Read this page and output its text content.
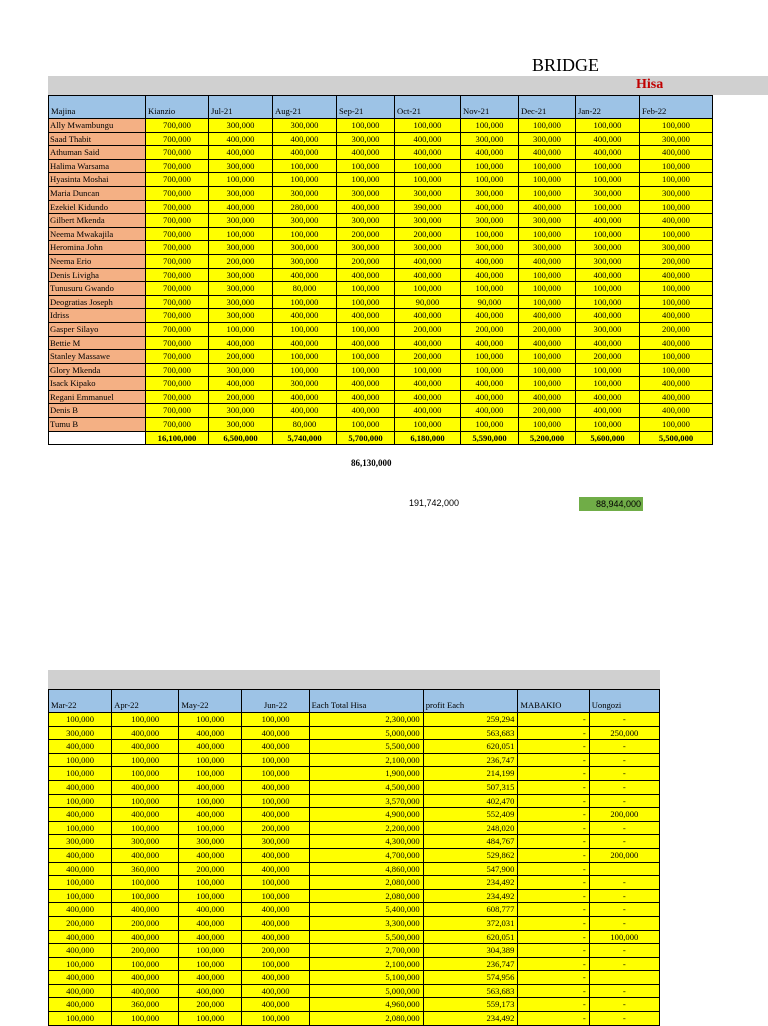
BRIDGE
Hisa
Majina	Kianzio	Jul-21	Aug-21	Sep-21	Oct-21	Nov-21	Dec-21	Jan-22	Feb-22
Ally Mwambungu	700,000	300,000	300,000	100,000	100,000	100,000	100,000	100,000	100,000
Saad Thabit	700,000	400,000	400,000	300,000	400,000	300,000	300,000	400,000	300,000
Athuman Said	700,000	400,000	400,000	400,000	400,000	400,000	400,000	400,000	400,000
Halima Warsama	700,000	300,000	100,000	100,000	100,000	100,000	100,000	100,000	100,000
Hyasinta Moshai	700,000	100,000	100,000	100,000	100,000	100,000	100,000	100,000	100,000
Maria Duncan	700,000	300,000	300,000	300,000	300,000	300,000	100,000	300,000	300,000
Ezekiel Kidundo	700,000	400,000	280,000	400,000	390,000	400,000	400,000	100,000	100,000
Gilbert Mkenda	700,000	300,000	300,000	300,000	300,000	300,000	300,000	400,000	400,000
Neema Mwakajila	700,000	100,000	100,000	200,000	200,000	100,000	100,000	100,000	100,000
Heromina John	700,000	300,000	300,000	300,000	300,000	300,000	300,000	300,000	300,000
Neema Erio	700,000	200,000	300,000	200,000	400,000	400,000	400,000	300,000	200,000
Denis Livigha	700,000	300,000	400,000	400,000	400,000	400,000	100,000	400,000	400,000
Tunusuru Gwando	700,000	300,000	80,000	100,000	100,000	100,000	100,000	100,000	100,000
Deogratias Joseph	700,000	300,000	100,000	100,000	90,000	90,000	100,000	100,000	100,000
Idriss	700,000	300,000	400,000	400,000	400,000	400,000	400,000	400,000	400,000
Gasper Silayo	700,000	100,000	100,000	100,000	200,000	200,000	200,000	300,000	200,000
Bettie M	700,000	400,000	400,000	400,000	400,000	400,000	400,000	400,000	400,000
Stanley Massawe	700,000	200,000	100,000	100,000	200,000	100,000	100,000	200,000	100,000
Glory Mkenda	700,000	300,000	100,000	100,000	100,000	100,000	100,000	100,000	100,000
Isack Kipako	700,000	400,000	300,000	400,000	400,000	400,000	100,000	100,000	400,000
Regani Emmanuel	700,000	200,000	400,000	400,000	400,000	400,000	400,000	400,000	400,000
Denis B	700,000	300,000	400,000	400,000	400,000	400,000	200,000	400,000	400,000
Tumu B	700,000	300,000	80,000	100,000	100,000	100,000	100,000	100,000	100,000
	16,100,000	6,500,000	5,740,000	5,700,000	6,180,000	5,590,000	5,200,000	5,600,000	5,500,000
86,130,000
191,742,000	88,944,000
Mar-22	Apr-22	May-22	Jun-22	Each Total Hisa	profit Each	MABAKIO	Uongozi
100,000	100,000	100,000	100,000	2,300,000	259,294	-	-
300,000	400,000	400,000	400,000	5,000,000	563,683	-	250,000
400,000	400,000	400,000	400,000	5,500,000	620,051	-	-
100,000	100,000	100,000	100,000	2,100,000	236,747	-	-
100,000	100,000	100,000	100,000	1,900,000	214,199	-	-
400,000	400,000	400,000	400,000	4,500,000	507,315	-	-
100,000	100,000	100,000	100,000	3,570,000	402,470	-	-
400,000	400,000	400,000	400,000	4,900,000	552,409	-	200,000
100,000	100,000	100,000	200,000	2,200,000	248,020	-	-
300,000	300,000	300,000	300,000	4,300,000	484,767	-	-
400,000	400,000	400,000	400,000	4,700,000	529,862	-	200,000
400,000	360,000	200,000	400,000	4,860,000	547,900	-	
100,000	100,000	100,000	100,000	2,080,000	234,492	-	-
100,000	100,000	100,000	100,000	2,080,000	234,492	-	-
400,000	400,000	400,000	400,000	5,400,000	608,777	-	-
200,000	200,000	400,000	400,000	3,300,000	372,031	-	-
400,000	400,000	400,000	400,000	5,500,000	620,051	-	100,000
400,000	200,000	100,000	200,000	2,700,000	304,389	-	-
100,000	100,000	100,000	100,000	2,100,000	236,747	-	-
400,000	400,000	400,000	400,000	5,100,000	574,956	-	
400,000	400,000	400,000	400,000	5,000,000	563,683	-	-
400,000	360,000	200,000	400,000	4,960,000	559,173	-	-
100,000	100,000	100,000	100,000	2,080,000	234,492	-	-
